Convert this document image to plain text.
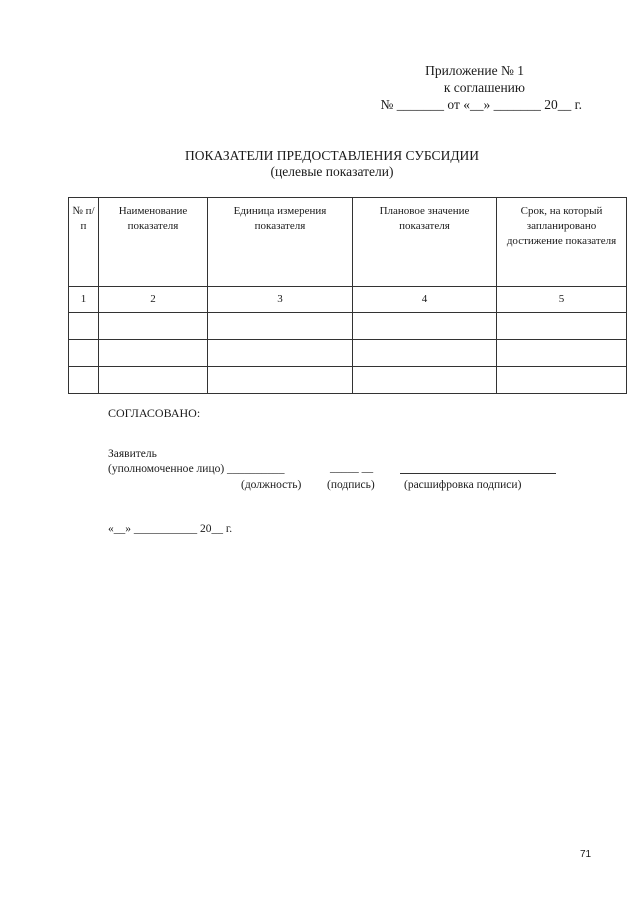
Приложение № 1
к соглашению
№ _______ от «__» _______ 20__ г.
ПОКАЗАТЕЛИ ПРЕДОСТАВЛЕНИЯ СУБСИДИИ
(целевые показатели)
№ п/п	Наименование показателя	Единица измерения показателя	Плановое значение показателя	Срок, на который запланировано достижение показателя
1	2	3	4	5

СОГЛАСОВАНО:
Заявитель
(уполномоченное лицо) __________	_____ __
(должность) (подпись)	(расшифровка подписи)
«__» ___________ 20__ г.
71
